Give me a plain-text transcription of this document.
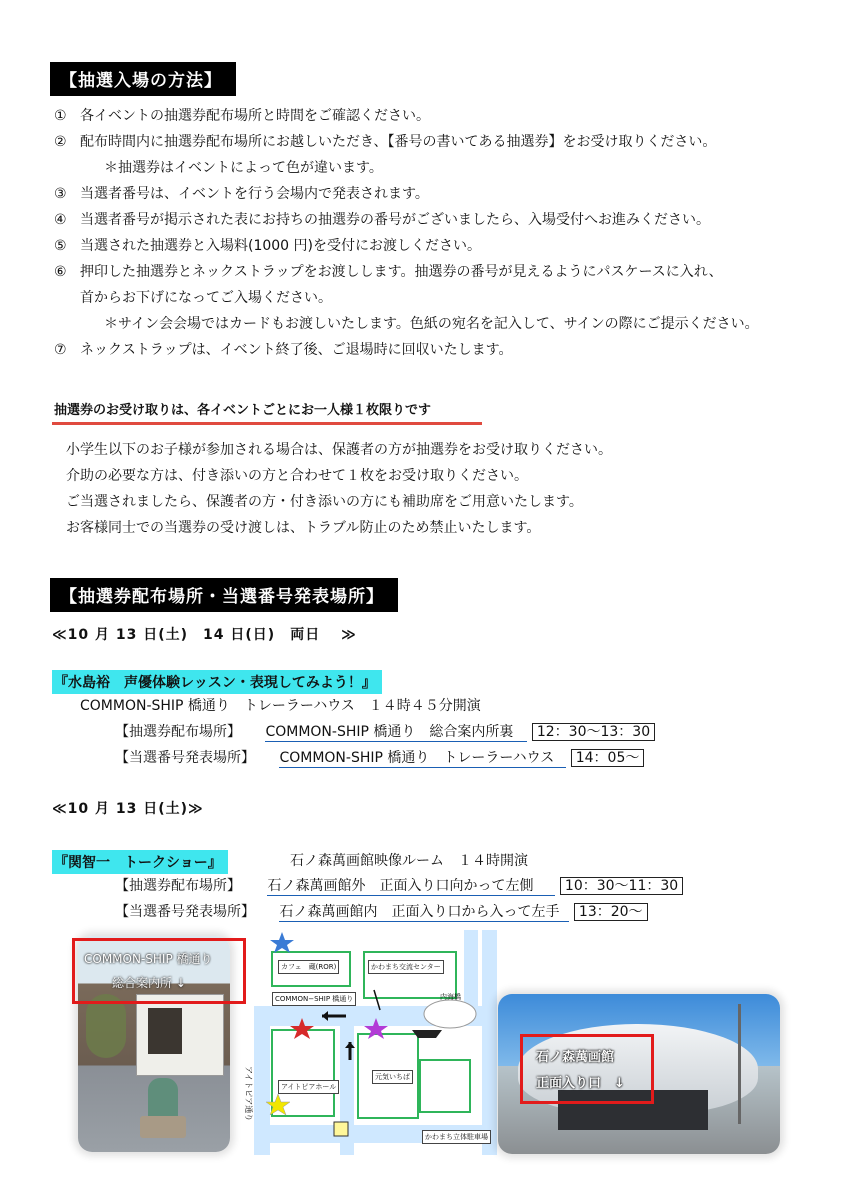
【抽選入場の方法】
① 各イベントの抽選券配布場所と時間をご確認ください。
② 配布時間内に抽選券配布場所にお越しいただき、【番号の書いてある抽選券】をお受け取りください。
＊抽選券はイベントによって色が違います。
③ 当選者番号は、イベントを行う会場内で発表されます。
④ 当選者番号が掲示された表にお持ちの抽選券の番号がございましたら、入場受付へお進みください。
⑤ 当選された抽選券と入場料(1000 円)を受付にお渡しください。
⑥ 押印した抽選券とネックストラップをお渡しします。抽選券の番号が見えるようにパスケースに入れ、
首からお下げになってご入場ください。
＊サイン会会場ではカードもお渡しいたします。色紙の宛名を記入して、サインの際にご提示ください。
⑦ ネックストラップは、イベント終了後、ご退場時に回収いたします。
抽選券のお受け取りは、各イベントごとにお一人様１枚限りです
小学生以下のお子様が参加される場合は、保護者の方が抽選券をお受け取りください。
介助の必要な方は、付き添いの方と合わせて１枚をお受け取りください。
ご当選されましたら、保護者の方・付き添いの方にも補助席をご用意いたします。
お客様同士での当選券の受け渡しは、トラブル防止のため禁止いたします。
【抽選券配布場所・当選番号発表場所】
≪10 月 13 日(土)　14 日(日)　両日　 ≫
『水島裕　声優体験レッスン・表現してみよう！』
COMMON-SHIP 橋通り　トレーラーハウス　１４時４５分開演
【抽選券配布場所】 COMMON-SHIP 橋通り　総合案内所裏 12：30～13：30
【当選番号発表場所】 COMMON-SHIP 橋通り　トレーラーハウス 14：05～
≪10 月 13 日(土)≫
『関智一　トークショー』	石ノ森萬画館映像ルーム　１４時開演
【抽選券配布場所】 石ノ森萬画館外　正面入り口向かって左側 10：30～11：30
【当選番号発表場所】 石ノ森萬画館内　正面入り口から入って左手 13：20～
COMMON-SHIP 橋通り
総合案内所 ↓
カフェ　蔵(ROR)	かわまち交流センター
COMMON−SHIP 橋通り
アイトピアホール
元気いちば
かわまち立体駐車場
アイトピア通り
内海橋
石ノ森萬画館
正面入り口　↓
